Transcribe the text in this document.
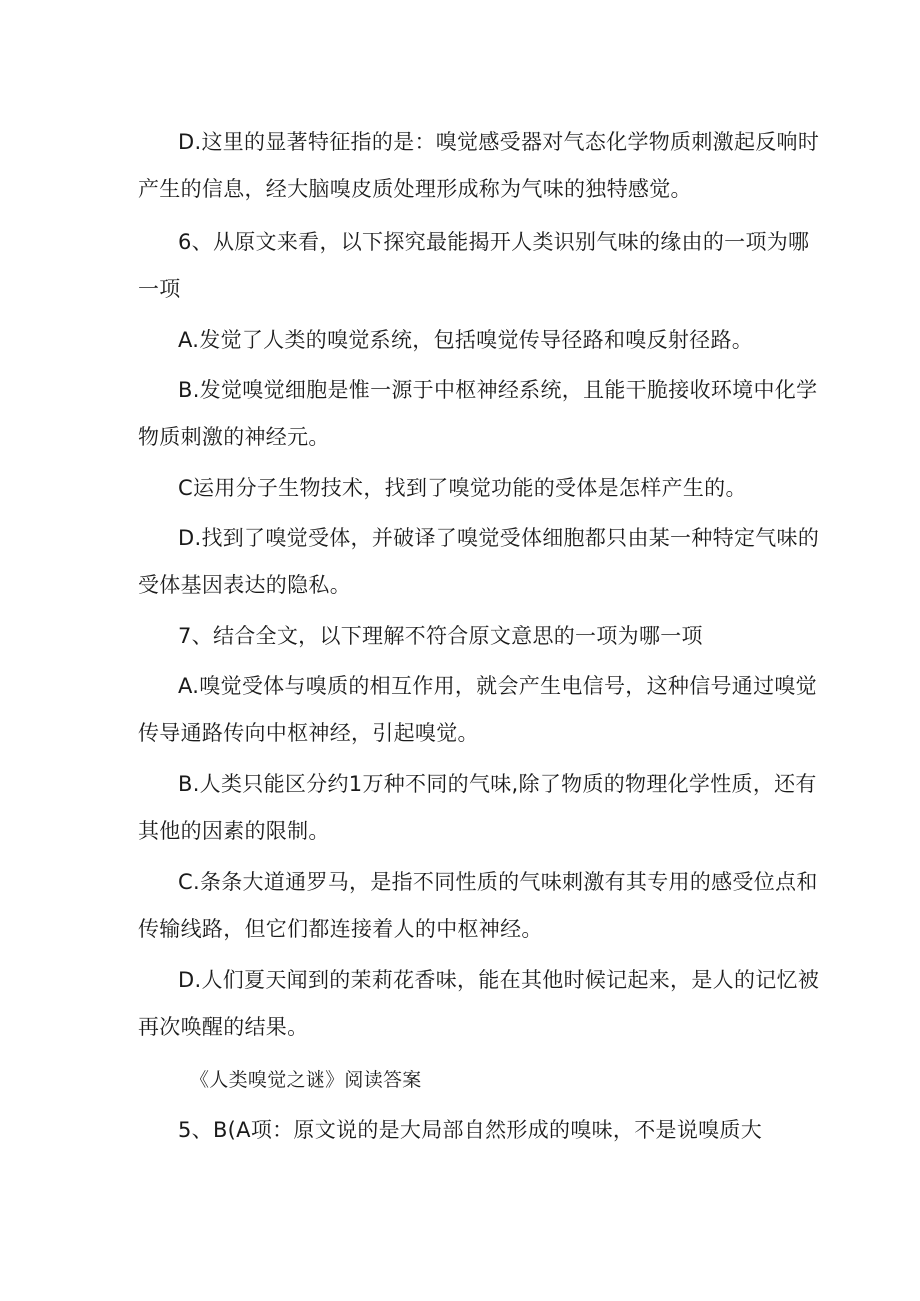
D.这里的显著特征指的是：嗅觉感受器对气态化学物质刺激起反响时
产生的信息，经大脑嗅皮质处理形成称为气味的独特感觉。
6、从原文来看，以下探究最能揭开人类识别气味的缘由的一项为哪
一项
A.发觉了人类的嗅觉系统，包括嗅觉传导径路和嗅反射径路。
B.发觉嗅觉细胞是惟一源于中枢神经系统，且能干脆接收环境中化学
物质刺激的神经元。
C运用分子生物技术，找到了嗅觉功能的受体是怎样产生的。
D.找到了嗅觉受体，并破译了嗅觉受体细胞都只由某一种特定气味的
受体基因表达的隐私。
7、结合全文，以下理解不符合原文意思的一项为哪一项
A.嗅觉受体与嗅质的相互作用，就会产生电信号，这种信号通过嗅觉
传导通路传向中枢神经，引起嗅觉。
B.人类只能区分约1万种不同的气味,除了物质的物理化学性质，还有
其他的因素的限制。
C.条条大道通罗马，是指不同性质的气味刺激有其专用的感受位点和
传输线路，但它们都连接着人的中枢神经。
D.人们夏天闻到的茉莉花香味，能在其他时候记起来，是人的记忆被
再次唤醒的结果。
《人类嗅觉之谜》阅读答案
5、B(A项：原文说的是大局部自然形成的嗅味，不是说嗅质大
